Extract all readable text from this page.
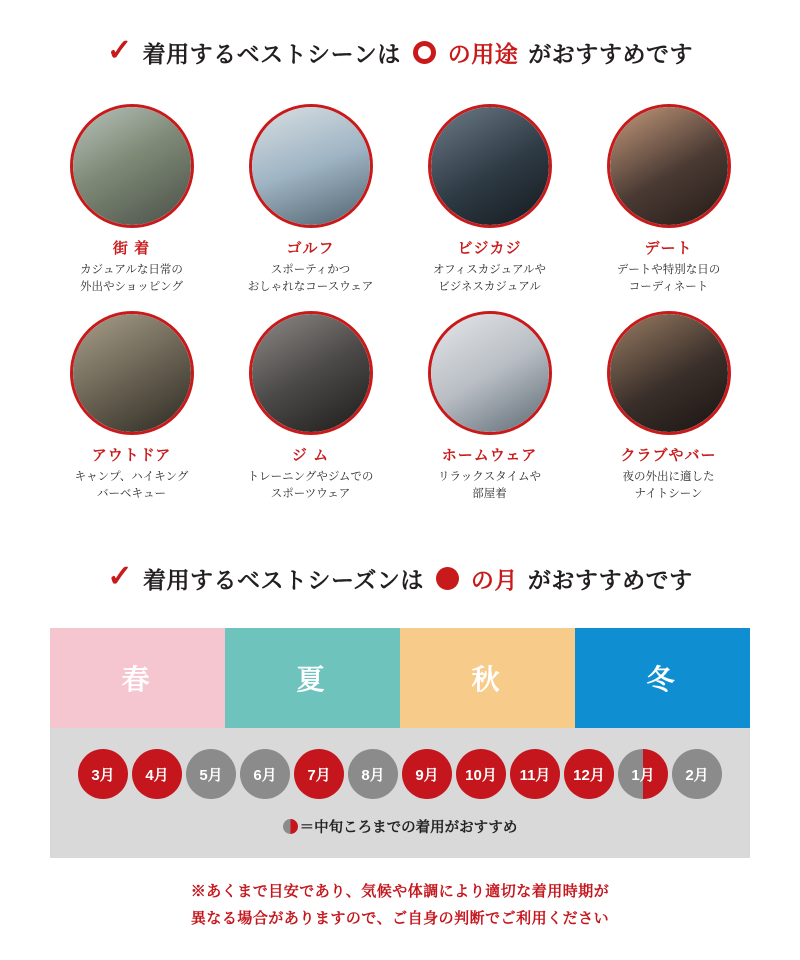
✓ 着用するベストシーンは の用途 がおすすめです
街 着
カジュアルな日常の
外出やショッピング
ゴルフ
スポーティかつ
おしゃれなコースウェア
ビジカジ
オフィスカジュアルや
ビジネスカジュアル
デート
デートや特別な日の
コーディネート
アウトドア
キャンプ、ハイキング
バーベキュー
ジ ム
トレーニングやジムでの
スポーツウェア
ホームウェア
リラックスタイムや
部屋着
クラブやバー
夜の外出に適した
ナイトシーン
✓ 着用するベストシーズンは の月 がおすすめです
春	夏	秋	冬
3月	4月	5月	6月	7月	8月	9月	10月	11月	12月	1月	2月
＝中旬ころまでの着用がおすすめ
※あくまで目安であり、気候や体調により適切な着用時期が
異なる場合がありますので、ご自身の判断でご利用ください
